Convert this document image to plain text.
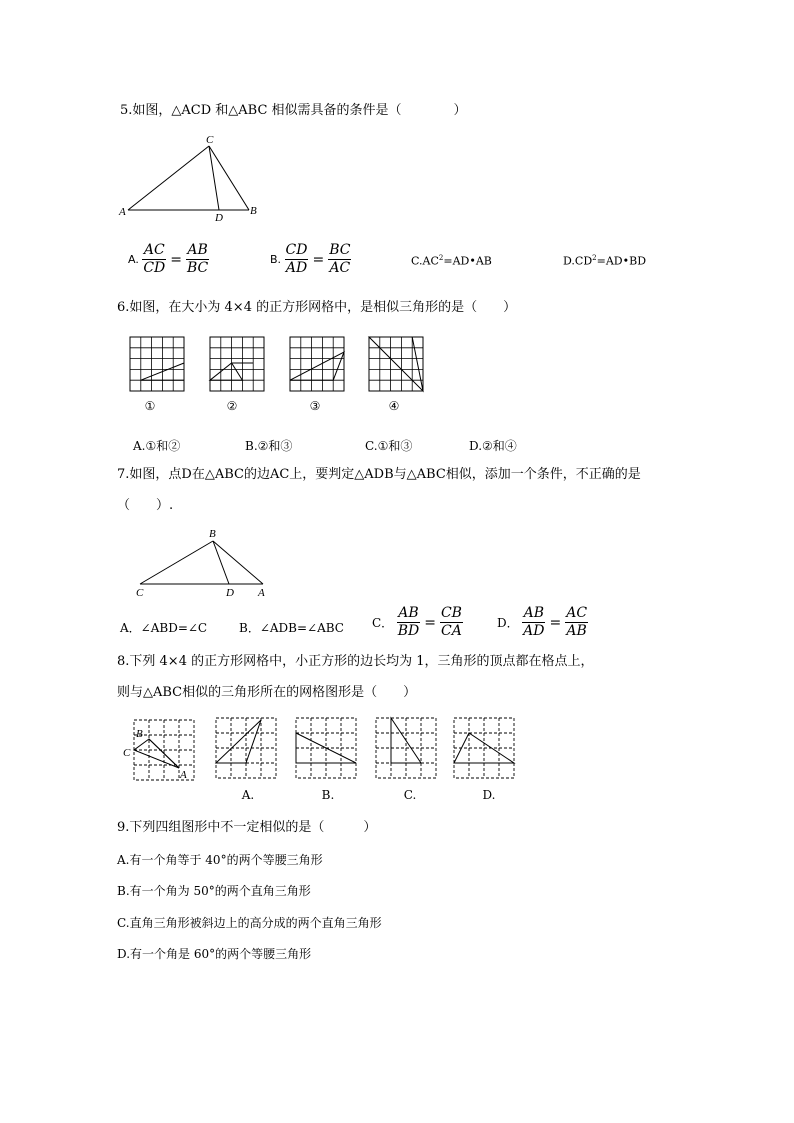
5.如图，△ACD 和△ABC 相似需具备的条件是（　　　　）
C
A	B
D
A. $\frac{AC}{CD} = \frac{AB}{BC}$	B. $\frac{CD}{AD} = \frac{BC}{AC}$	$C.AC^2=AD•AB$	$D.CD^2=AD•BD$
6.如图，在大小为 4×4 的正方形网格中，是相似三角形的是（　　）
①	②	③	④
A.①和②	B.②和③	C.①和③	D.②和④
7.如图，点D在△ABC的边AC上，要判定△ADB与△ABC相似，添加一个条件，不正确的是
（　　）.
B
C	D A
A．∠ABD=∠C	B．∠ADB=∠ABC C． $\frac{AB}{BD} = \frac{CB}{CA}$	D． $\frac{AB}{AD} = \frac{AC}{AB}$
8.下列 4×4 的正方形网格中，小正方形的边长均为 1，三角形的顶点都在格点上，
则与△ABC相似的三角形所在的网格图形是（　　）
B
C
A
A.	B.	C.	D.
9.下列四组图形中不一定相似的是（　　　）
A.有一个角等于 40°的两个等腰三角形
B.有一个角为 50°的两个直角三角形
C.直角三角形被斜边上的高分成的两个直角三角形
D.有一个角是 60°的两个等腰三角形
